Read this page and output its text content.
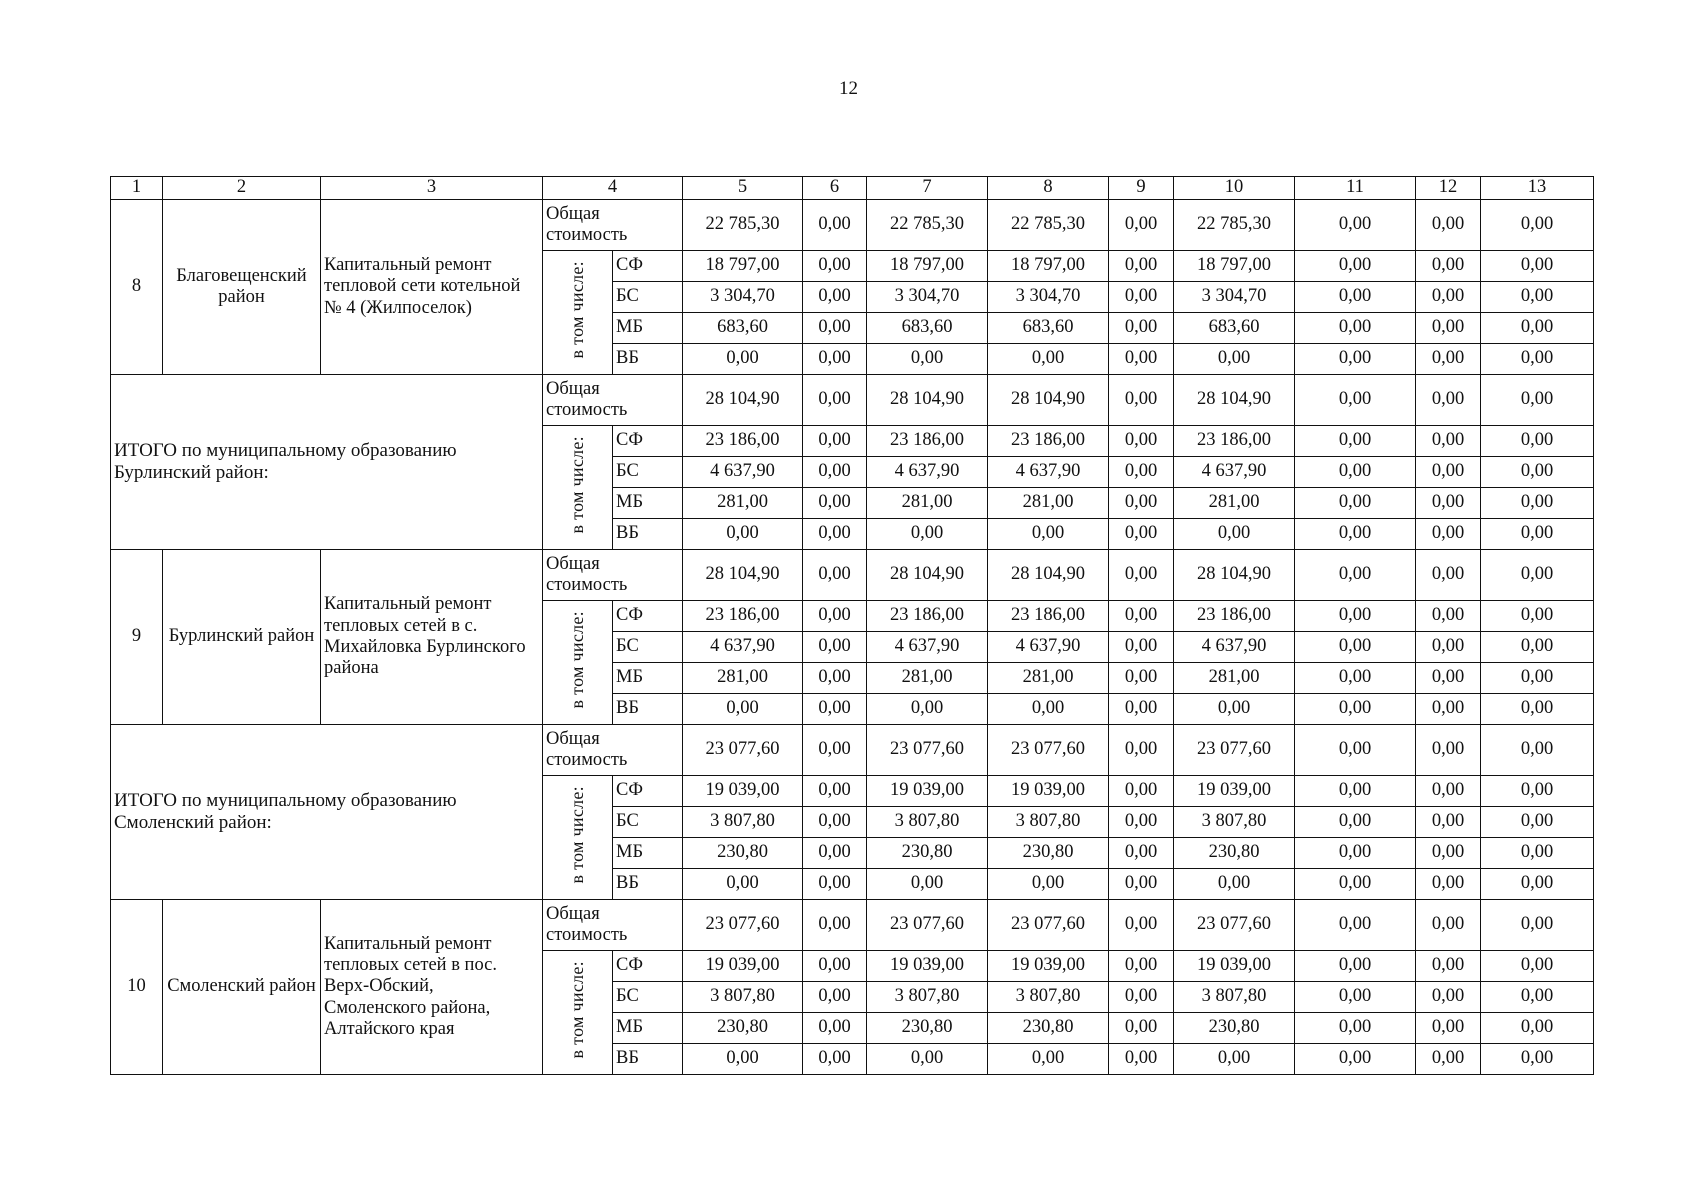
12
1	2	3	4		5	6	7	8	9	10	11	12	13
8	Благовещенский район	Капитальный ремонт тепловой сети котельной № 4 (Жилпоселок)	Общая стоимость		22 785,30	0,00	22 785,30	22 785,30	0,00	22 785,30	0,00	0,00	0,00
			в том числе:	СФ	18 797,00	0,00	18 797,00	18 797,00	0,00	18 797,00	0,00	0,00	0,00
				БС	3 304,70	0,00	3 304,70	3 304,70	0,00	3 304,70	0,00	0,00	0,00
				МБ	683,60	0,00	683,60	683,60	0,00	683,60	0,00	0,00	0,00
				ВБ	0,00	0,00	0,00	0,00	0,00	0,00	0,00	0,00	0,00
ИТОГО по муниципальному образованию Бурлинский район:			Общая стоимость		28 104,90	0,00	28 104,90	28 104,90	0,00	28 104,90	0,00	0,00	0,00
			в том числе:	СФ	23 186,00	0,00	23 186,00	23 186,00	0,00	23 186,00	0,00	0,00	0,00
				БС	4 637,90	0,00	4 637,90	4 637,90	0,00	4 637,90	0,00	0,00	0,00
				МБ	281,00	0,00	281,00	281,00	0,00	281,00	0,00	0,00	0,00
				ВБ	0,00	0,00	0,00	0,00	0,00	0,00	0,00	0,00	0,00
9	Бурлинский район	Капитальный ремонт тепловых сетей в с. Михайловка Бурлинского района	Общая стоимость		28 104,90	0,00	28 104,90	28 104,90	0,00	28 104,90	0,00	0,00	0,00
			в том числе:	СФ	23 186,00	0,00	23 186,00	23 186,00	0,00	23 186,00	0,00	0,00	0,00
				БС	4 637,90	0,00	4 637,90	4 637,90	0,00	4 637,90	0,00	0,00	0,00
				МБ	281,00	0,00	281,00	281,00	0,00	281,00	0,00	0,00	0,00
				ВБ	0,00	0,00	0,00	0,00	0,00	0,00	0,00	0,00	0,00
ИТОГО по муниципальному образованию Смоленский район:			Общая стоимость		23 077,60	0,00	23 077,60	23 077,60	0,00	23 077,60	0,00	0,00	0,00
			в том числе:	СФ	19 039,00	0,00	19 039,00	19 039,00	0,00	19 039,00	0,00	0,00	0,00
				БС	3 807,80	0,00	3 807,80	3 807,80	0,00	3 807,80	0,00	0,00	0,00
				МБ	230,80	0,00	230,80	230,80	0,00	230,80	0,00	0,00	0,00
				ВБ	0,00	0,00	0,00	0,00	0,00	0,00	0,00	0,00	0,00
10	Смоленский район	Капитальный ремонт тепловых сетей в пос. Верх-Обский, Смоленского района, Алтайского края	Общая стоимость		23 077,60	0,00	23 077,60	23 077,60	0,00	23 077,60	0,00	0,00	0,00
			в том числе:	СФ	19 039,00	0,00	19 039,00	19 039,00	0,00	19 039,00	0,00	0,00	0,00
				БС	3 807,80	0,00	3 807,80	3 807,80	0,00	3 807,80	0,00	0,00	0,00
				МБ	230,80	0,00	230,80	230,80	0,00	230,80	0,00	0,00	0,00
				ВБ	0,00	0,00	0,00	0,00	0,00	0,00	0,00	0,00	0,00
